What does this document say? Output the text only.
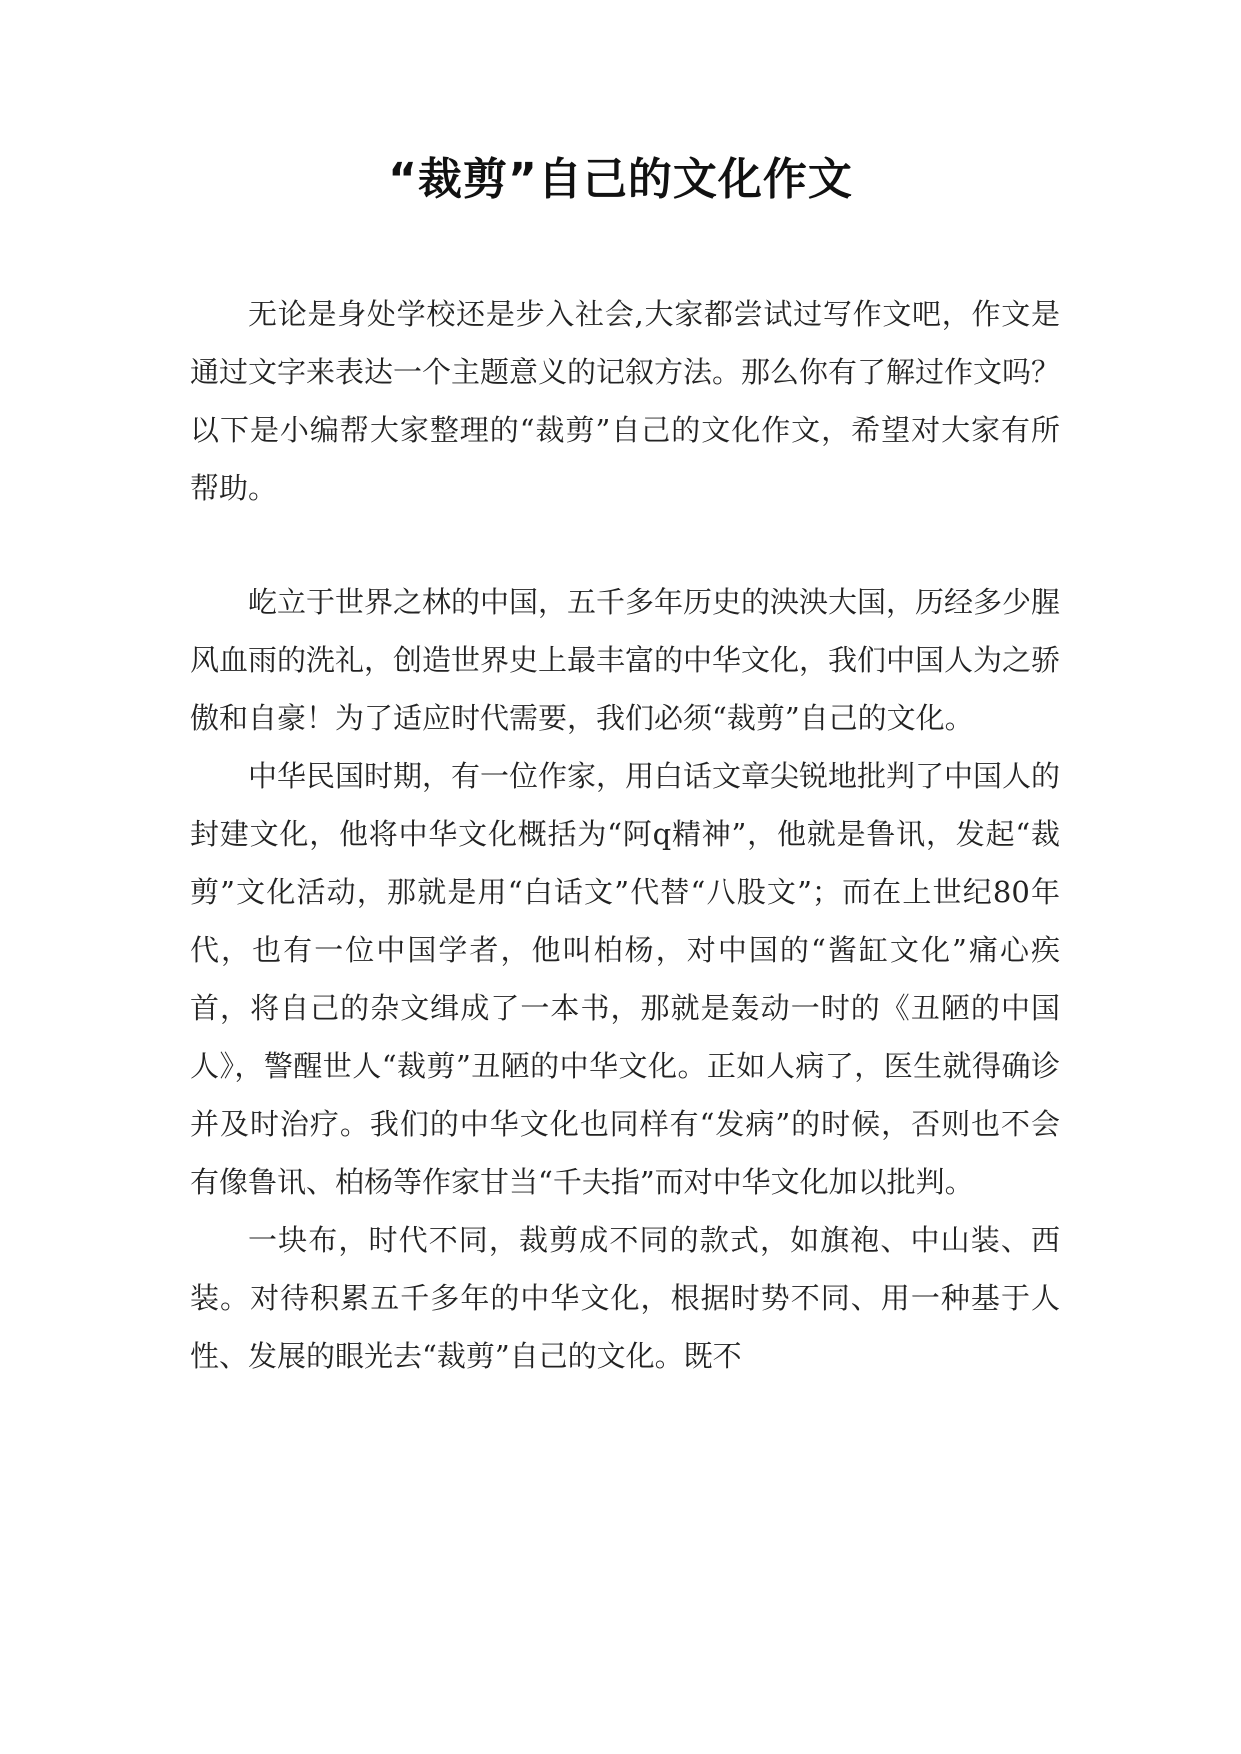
“裁剪”自己的文化作文

无论是身处学校还是步入社会,大家都尝试过写作文吧，作文是通过文字来表达一个主题意义的记叙方法。那么你有了解过作文吗？以下是小编帮大家整理的“裁剪”自己的文化作文，希望对大家有所帮助。

屹立于世界之林的中国，五千多年历史的泱泱大国，历经多少腥风血雨的洗礼，创造世界史上最丰富的中华文化，我们中国人为之骄傲和自豪！为了适应时代需要，我们必须“裁剪”自己的文化。

中华民国时期，有一位作家，用白话文章尖锐地批判了中国人的封建文化，他将中华文化概括为“阿q精神”，他就是鲁讯，发起“裁剪”文化活动，那就是用“白话文”代替“八股文”；而在上世纪80年代，也有一位中国学者，他叫柏杨，对中国的“酱缸文化”痛心疾首，将自己的杂文缉成了一本书，那就是轰动一时的《丑陋的中国人》，警醒世人“裁剪”丑陋的中华文化。正如人病了，医生就得确诊并及时治疗。我们的中华文化也同样有“发病”的时候，否则也不会有像鲁讯、柏杨等作家甘当“千夫指”而对中华文化加以批判。

一块布，时代不同，裁剪成不同的款式，如旗袍、中山装、西装。对待积累五千多年的中华文化，根据时势不同、用一种基于人性、发展的眼光去“裁剪”自己的文化。既不
